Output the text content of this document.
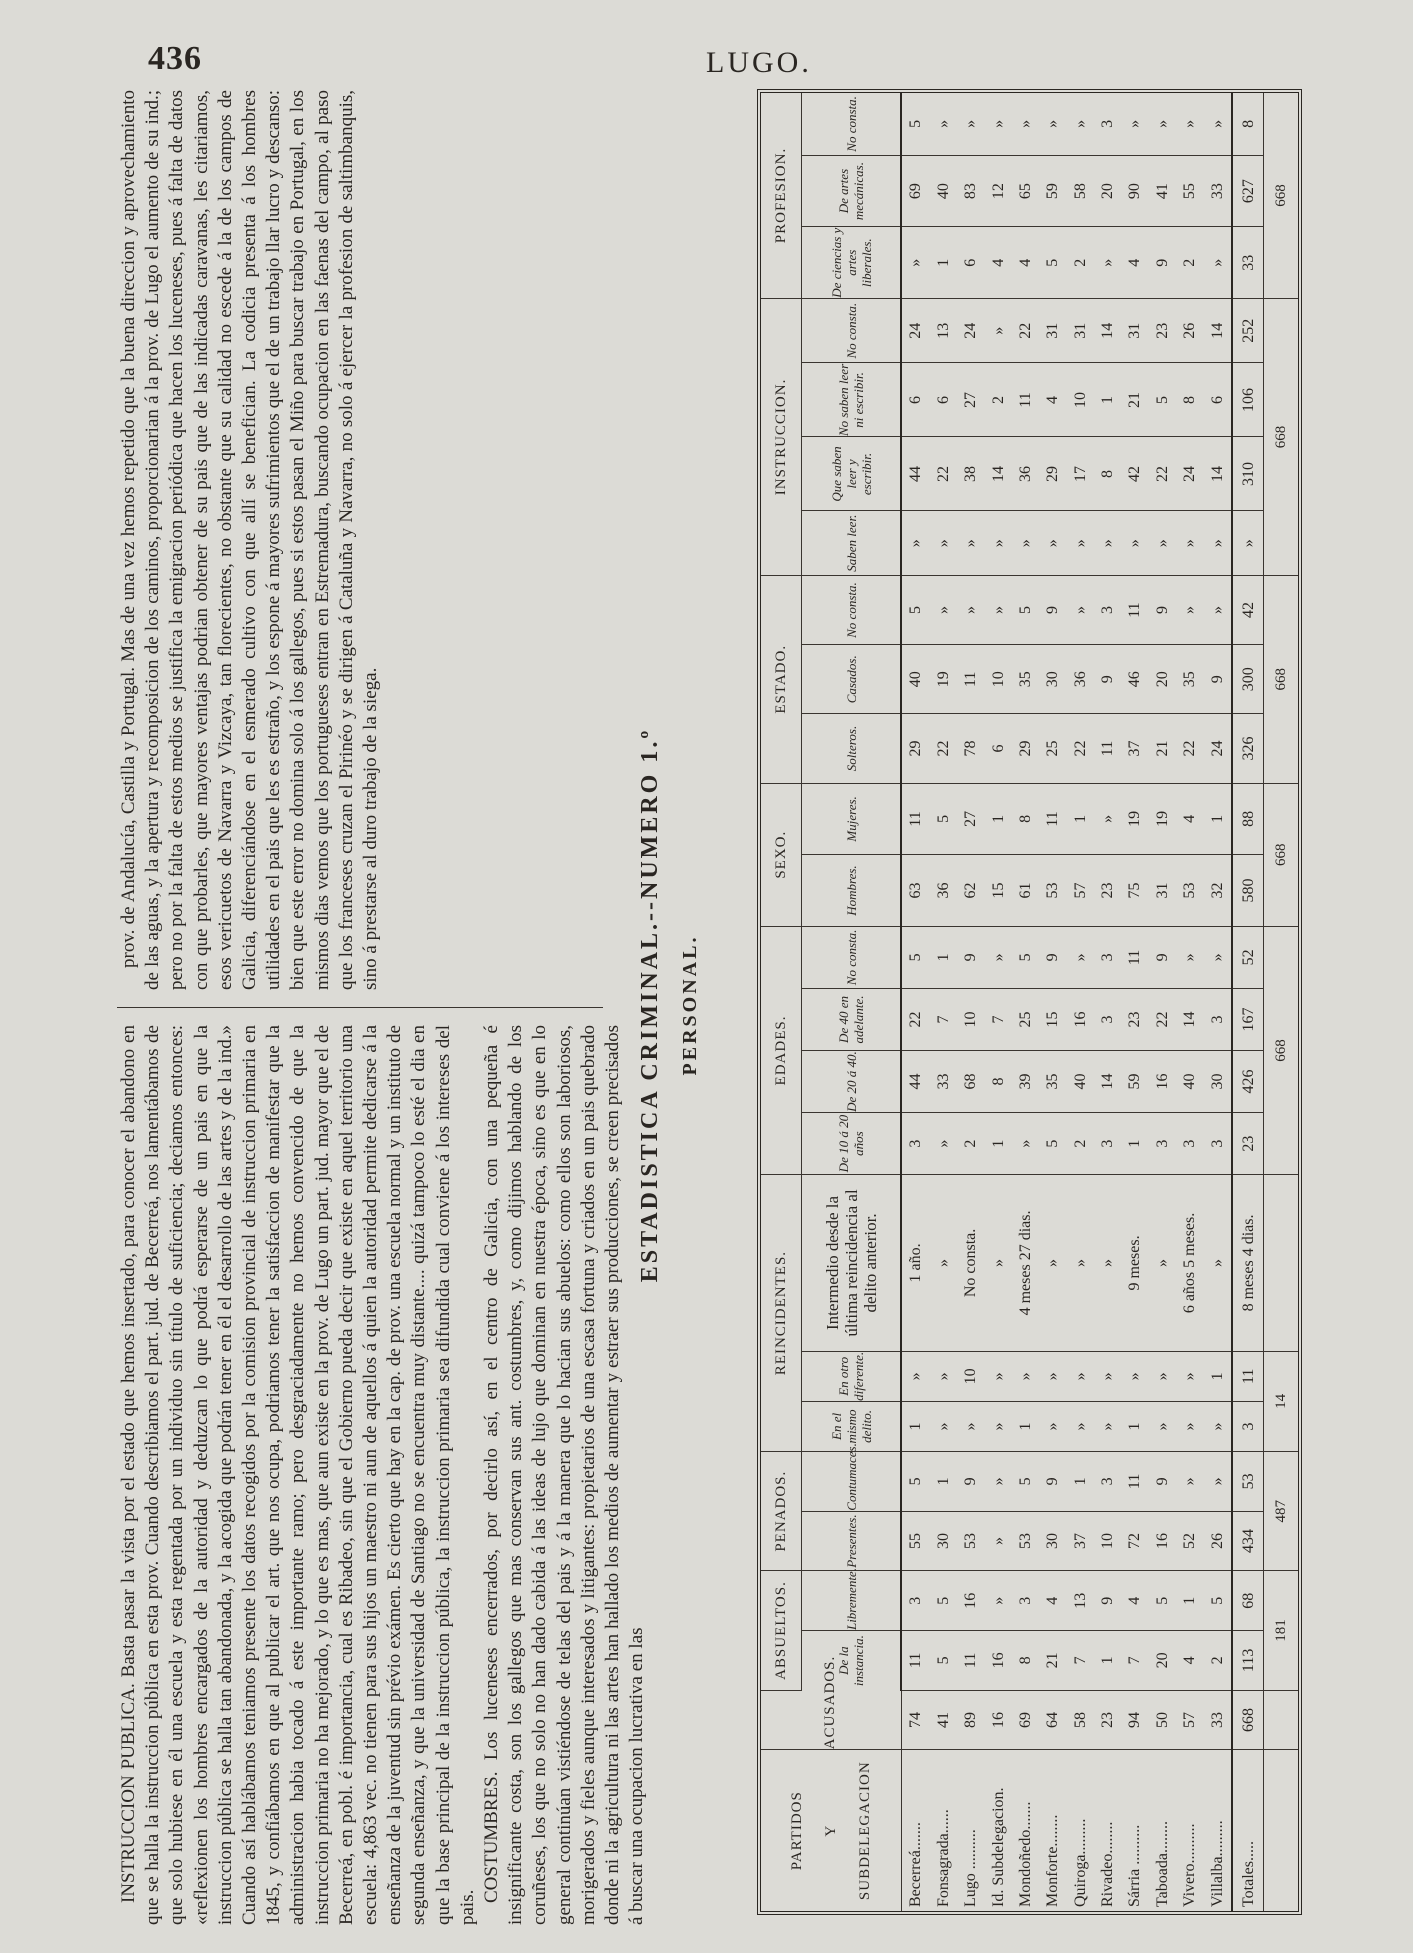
436	LUGO.

INSTRUCCION PUBLICA. Basta pasar la vista por el estado que hemos insertado, para conocer el abandono en que se halla la instruccion pública en esta prov. Cuando describiamos el part. jud. de Becerreá, nos lamentábamos de que solo hubiese en él una escuela y esta regentada por un individuo sin título de suficiencia; deciamos entonces: «reflexionen los hombres encargados de la autoridad y deduzcan lo que podrá esperarse de un pais en que la instruccion pública se halla tan abandonada, y la acogida que podrán tener en él el desarrollo de las artes y de la ind.» Cuando así hablábamos teniamos presente los datos recogidos por la comision provincial de instruccion primaria en 1845, y confiábamos en que al publicar el art. que nos ocupa, podriamos tener la satisfaccion de manifestar que la administracion habia tocado á este importante ramo; pero desgraciadamente no hemos convencido de que la instruccion primaria no ha mejorado, y lo que es mas, que aun existe en la prov. de Lugo un part. jud. mayor que el de Becerreá, en pobl. é importancia, cual es Ribadeo, sin que el Gobierno pueda decir que existe en aquel territorio una escuela: 4,863 vec. no tienen para sus hijos un maestro ni aun de aquellos á quien la autoridad permite dedicarse á la enseñanza de la juventud sin prévio exámen. Es cierto que hay en la cap. de prov. una escuela normal y un instituto de segunda enseñanza, y que la universidad de Santiago no se encuentra muy distante.... quizá tampoco lo esté el dia en que la base principal de la instruccion pública, la instruccion primaria sea difundida cual conviene á los intereses del pais.

COSTUMBRES. Los luceneses encerrados, por decirlo así, en el centro de Galicia, con una pequeña é insignificante costa, son los gallegos que mas conservan sus ant. costumbres, y, como dijimos hablando de los coruñeses, los que no solo no han dado cabida á las ideas de lujo que dominan en nuestra época, sino es que en lo general continúan vistiéndose de telas del pais y á la manera que lo hacian sus abuelos: como ellos son laboriosos, morigerados y fieles aunque interesados y litigantes: propietarios de una escasa fortuna y criados en un pais quebrado donde ni la agricultura ni las artes han hallado los medios de aumentar y estraer sus producciones, se creen precisados á buscar una ocupacion lucrativa en las

prov. de Andalucía, Castilla y Portugal. Mas de una vez hemos repetido que la buena direccion y aprovechamiento de las aguas, y la apertura y recomposicion de los caminos, proporcionarian á la prov. de Lugo el aumento de su ind.; pero no por la falta de estos medios se justifica la emigracion periódica que hacen los luceneses, pues á falta de datos con que probarles, que mayores ventajas podrian obtener de su pais que de las indicadas caravanas, les citariamos, esos vericuetos de Navarra y Vizcaya, tan florecientes, no obstante que su calidad no escede á la de los campos de Galicia, diferenciándose en el esmerado cultivo con que allí se benefician. La codicia presenta á los hombres utilidades en el pais que les es estraño, y los espone á mayores sufrimientos que el de un trabajo llar lucro y descanso: bien que este error no domina solo á los gallegos, pues si estos pasan el Miño para buscar trabajo en Portugal, en los mismos dias vemos que los portugueses entran en Estremadura, buscando ocupacion en las faenas del campo, al paso que los franceses cruzan el Pirinéo y se dirigen á Cataluña y Navarra, no solo á ejercer la profesion de saltimbanquis, sino á prestarse al duro trabajo de la siega.	ESTADISTICA CRIMINAL.--NUMERO 1.º PERSONAL.
PARTIDOS Y SUBDELEGACION	ACUSADOS.	ABSUELTOS.		PENADOS.		REINCIDENTES.			EDADES.				SEXO.		ESTADO.			INSTRUCCION.				PROFESION.		
		De la instancia.	Libremente.	Presentes.	Contumaces.	En el mismo delito.	En otro diferente.	Intermedio desde la última reincidencia al delito anterior.	De 10 á 20 años	De 20 á 40.	De 40 en adelante.	No consta.	Hombres.	Mujeres.	Solteros.	Casados.	No consta.	Saben leer.	Que saben leer y escribir.	No saben leer ni escribir.	No consta.	De ciencias y artes liberales.	De artes mecánicas.	No consta.
Becerreá.......	74	11	3	55	5	1	»	1 año.	3	44	22	5	63	11	29	40	5	»	44	6	24	»	69	5
Fonsagrada......	41	5	5	30	1	»	»	»	»	33	7	1	36	5	22	19	»	»	22	6	13	1	40	»
Lugo ..........	89	11	16	53	9	»	10	No consta.	2	68	10	9	62	27	78	11	»	»	38	27	24	6	83	»
Id. Subdelegacion.	16	16	»	»	»	»	»	»	1	8	7	»	15	1	6	10	»	»	14	2	»	4	12	»
Mondoñedo.......	69	8	3	53	5	1	»	4 meses 27 dias.	»	39	25	5	61	8	29	35	5	»	36	11	22	4	65	»
Monforte........	64	21	4	30	9	»	»	»	5	35	15	9	53	11	25	30	9	»	29	4	31	5	59	»
Quiroga.........	58	7	13	37	1	»	»	»	2	40	16	»	57	1	22	36	»	»	17	10	31	2	58	»
Rivadeo........	23	1	9	10	3	»	»	»	3	14	3	3	23	»	11	9	3	»	8	1	14	»	20	3
Sárria ..........	94	7	4	72	11	1	»	9 meses.	1	59	23	11	75	19	37	46	11	»	42	21	31	4	90	»
Taboada........	50	20	5	16	9	»	»	»	3	16	22	9	31	19	21	20	9	»	22	5	23	9	41	»
Vivero..........	57	4	1	52	»	»	»	6 años 5 meses.	3	40	14	»	53	4	22	35	»	»	24	8	26	2	55	»
Villalba.........	33	2	5	26	»	»	1	»	3	30	3	»	32	1	24	9	»	»	14	6	14	»	33	»
Totales.....	668	113	68	434	53	3	11	8 meses 4 dias.	23	426	167	52	580	88	326	300	42	»	310	106	252	33	627	8
		181		487		14			668				668		668			668				668		
